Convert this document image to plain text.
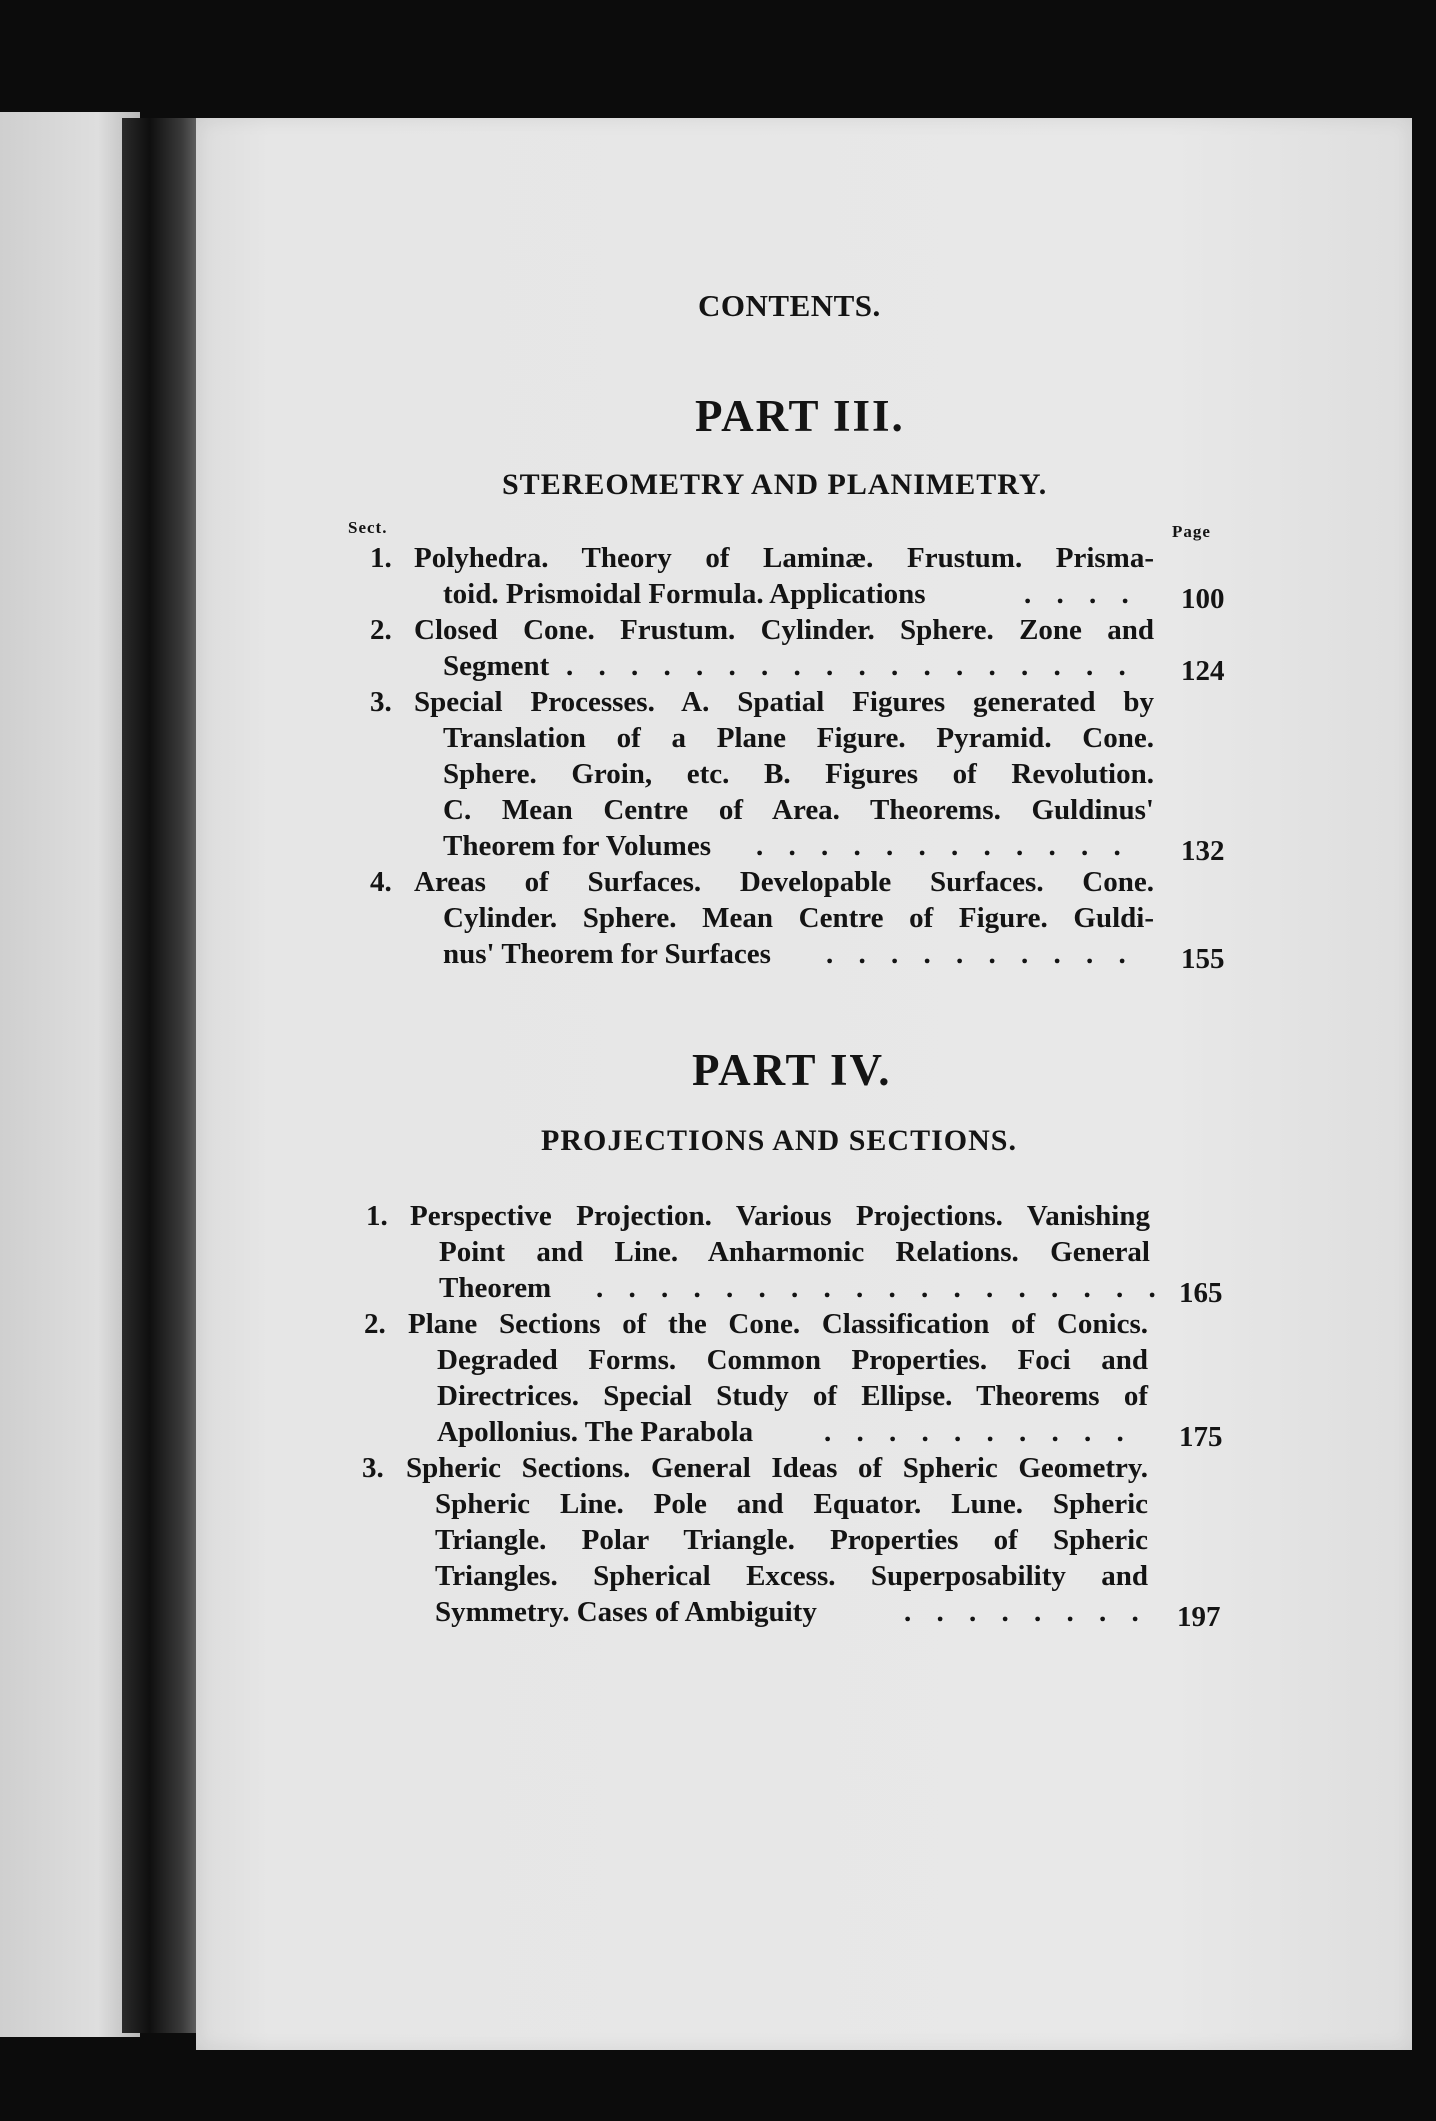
CONTENTS.
PART III.
STEREOMETRY AND PLANIMETRY.
Sect.	Page
1. Polyhedra. Theory of Laminæ. Frustum. Prisma-
toid. Prismoidal Formula. Applications	. . . . 100
2. Closed Cone. Frustum. Cylinder. Sphere. Zone and
Segment . . . . . . . . . . . . . . . . . . 124
3. Special Processes. A. Spatial Figures generated by
Translation of a Plane Figure. Pyramid. Cone.
Sphere. Groin, etc. B. Figures of Revolution.
C. Mean Centre of Area. Theorems. Guldinus'
Theorem for Volumes . . . . . . . . . . . . 132
4. Areas of Surfaces. Developable Surfaces. Cone.
Cylinder. Sphere. Mean Centre of Figure. Guldi-
nus' Theorem for Surfaces . . . . . . . . . . 155
PART IV.
PROJECTIONS AND SECTIONS.
1. Perspective Projection. Various Projections. Vanishing
Point and Line. Anharmonic Relations. General
Theorem . . . . . . . . . . . . . . . . . . 165
2. Plane Sections of the Cone. Classification of Conics.
Degraded Forms. Common Properties. Foci and
Directrices. Special Study of Ellipse. Theorems of
Apollonius. The Parabola . . . . . . . . . . 175
3. Spheric Sections. General Ideas of Spheric Geometry.
Spheric Line. Pole and Equator. Lune. Spheric
Triangle. Polar Triangle. Properties of Spheric
Triangles. Spherical Excess. Superposability and
Symmetry. Cases of Ambiguity	. . . . . . . . 197
